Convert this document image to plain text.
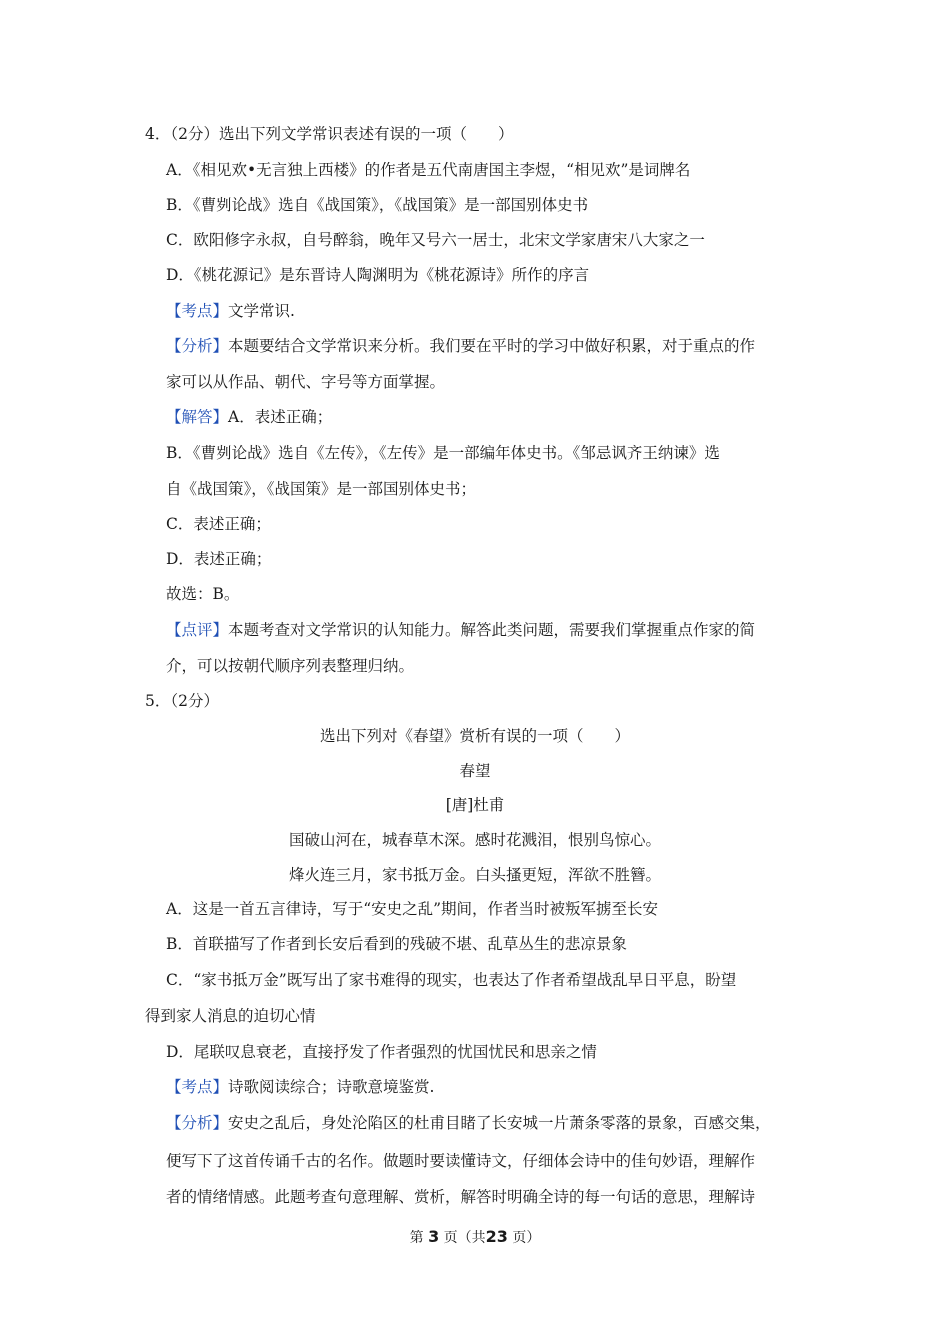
4．（2分）选出下列文学常识表述有误的一项（　　）
A．《相见欢•无言独上西楼》的作者是五代南唐国主李煜，“相见欢”是词牌名
B．《曹刿论战》选自《战国策》，《战国策》是一部国别体史书
C．欧阳修字永叔，自号醉翁，晚年又号六一居士，北宋文学家唐宋八大家之一
D．《桃花源记》是东晋诗人陶渊明为《桃花源诗》所作的序言
【考点】文学常识.
【分析】本题要结合文学常识来分析。我们要在平时的学习中做好积累，对于重点的作
家可以从作品、朝代、字号等方面掌握。
【解答】A．表述正确；
B．《曹刿论战》选自《左传》，《左传》是一部编年体史书。《邹忌讽齐王纳谏》选
自《战国策》，《战国策》是一部国别体史书；
C．表述正确；
D．表述正确；
故选：B。
【点评】本题考查对文学常识的认知能力。解答此类问题，需要我们掌握重点作家的简
介，可以按朝代顺序列表整理归纳。
5．（2分）
选出下列对《春望》赏析有误的一项（　　）
春望
[唐]杜甫
国破山河在，城春草木深。感时花溅泪，恨别鸟惊心。
烽火连三月，家书抵万金。白头搔更短，浑欲不胜簪。
A．这是一首五言律诗，写于“安史之乱”期间，作者当时被叛军掳至长安
B．首联描写了作者到长安后看到的残破不堪、乱草丛生的悲凉景象
C．“家书抵万金”既写出了家书难得的现实，也表达了作者希望战乱早日平息，盼望
得到家人消息的迫切心情
D．尾联叹息衰老，直接抒发了作者强烈的忧国忧民和思亲之情
【考点】诗歌阅读综合；诗歌意境鉴赏.
【分析】安史之乱后，身处沦陷区的杜甫目睹了长安城一片萧条零落的景象，百感交集，
便写下了这首传诵千古的名作。做题时要读懂诗文，仔细体会诗中的佳句妙语，理解作
者的情绪情感。此题考查句意理解、赏析，解答时明确全诗的每一句话的意思，理解诗
第 3 页（共23 页）
